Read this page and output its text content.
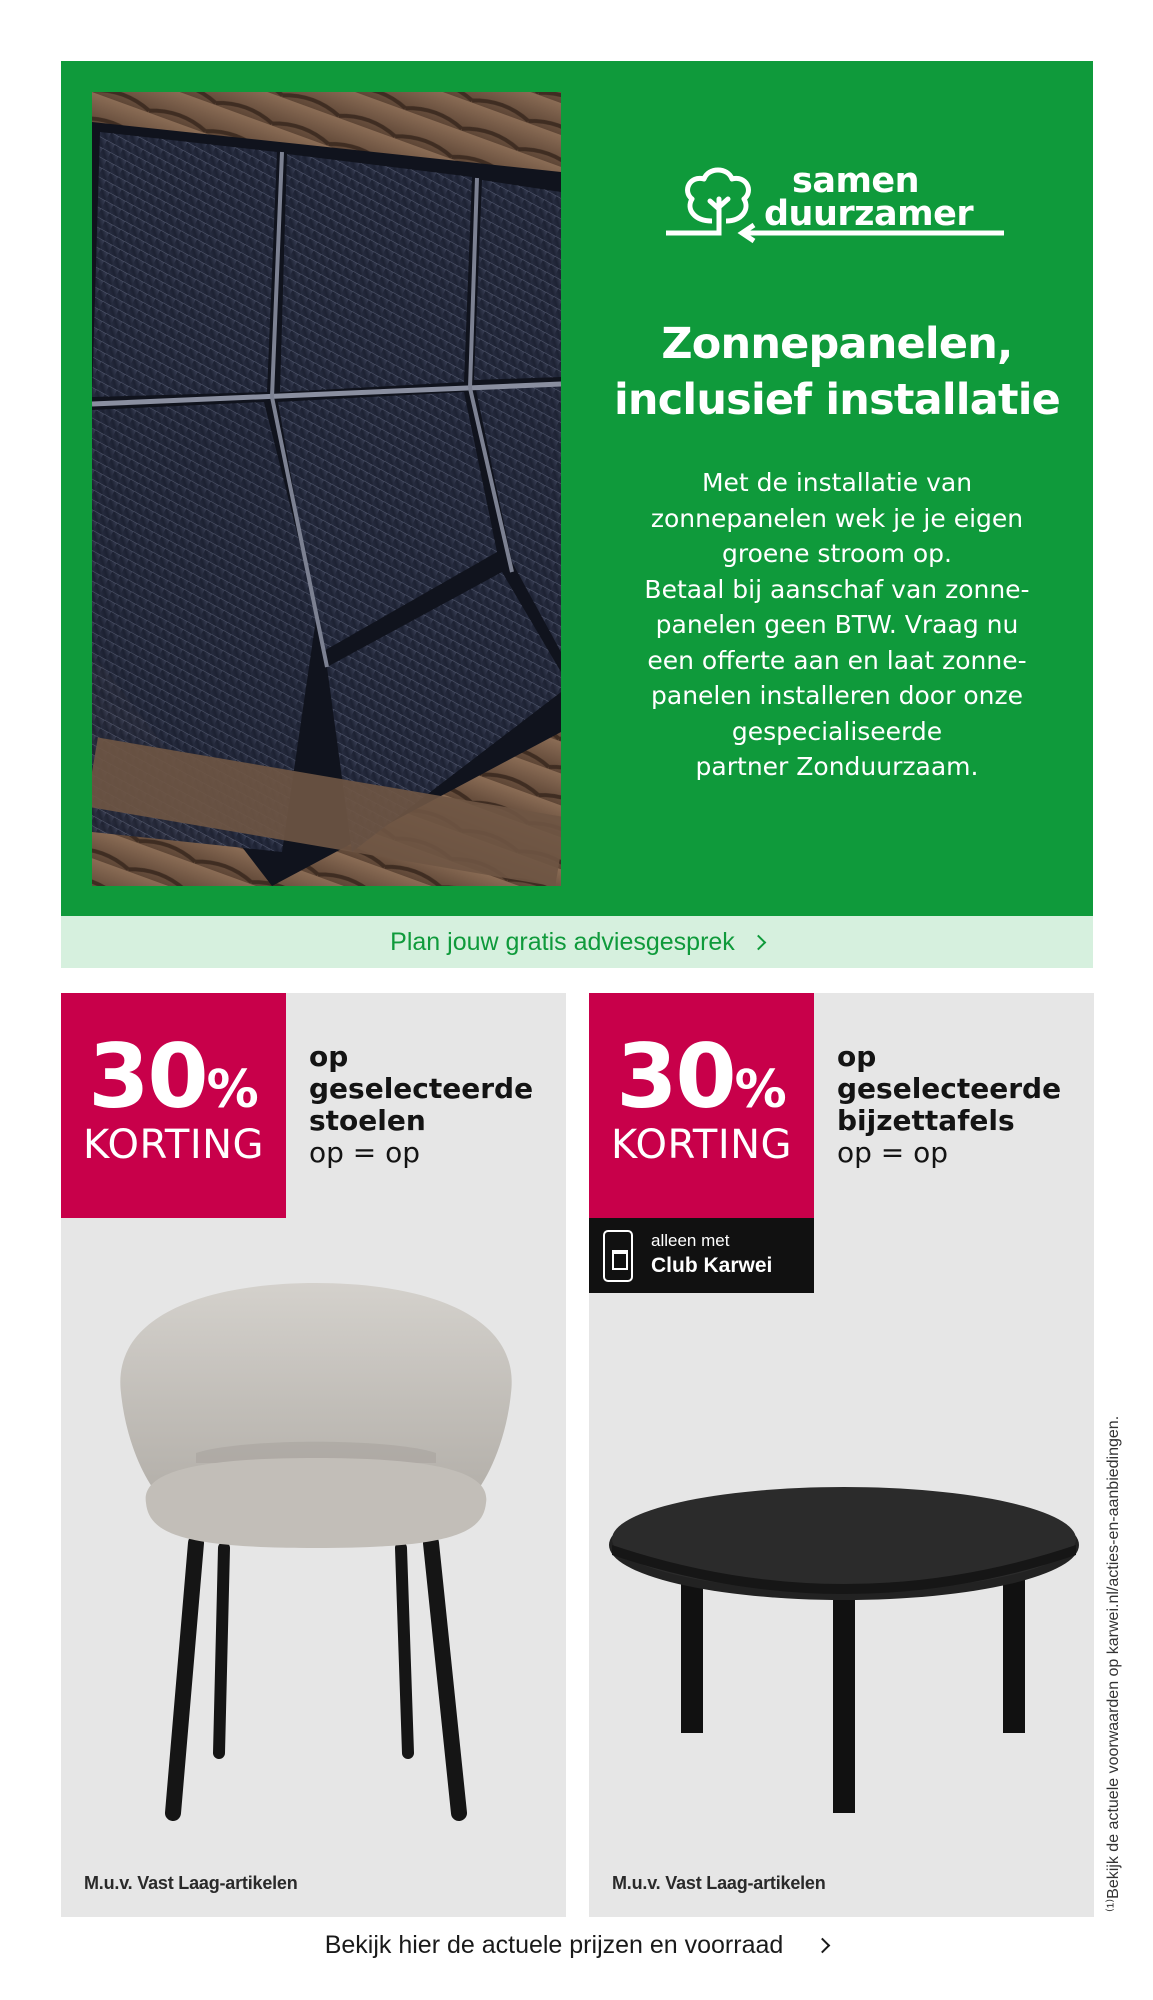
samen
duurzamer
Zonnepanelen,
inclusief installatie
Met de installatie van
zonnepanelen wek je je eigen
groene stroom op.
Betaal bij aanschaf van zonne-
panelen geen BTW. Vraag nu
een offerte aan en laat zonne-
panelen installeren door onze
gespecialiseerde
partner Zonduurzaam.
Plan jouw gratis adviesgesprek
30%
KORTING
op
geselecteerde
stoelen
op = op
M.u.v. Vast Laag-artikelen
30%
KORTING
op
geselecteerde
bijzettafels
op = op
alleen met
Club Karwei
M.u.v. Vast Laag-artikelen	⁽¹⁾Bekijk de actuele voorwaarden op karwei.nl/acties-en-aanbiedingen.
Bekijk hier de actuele prijzen en voorraad
